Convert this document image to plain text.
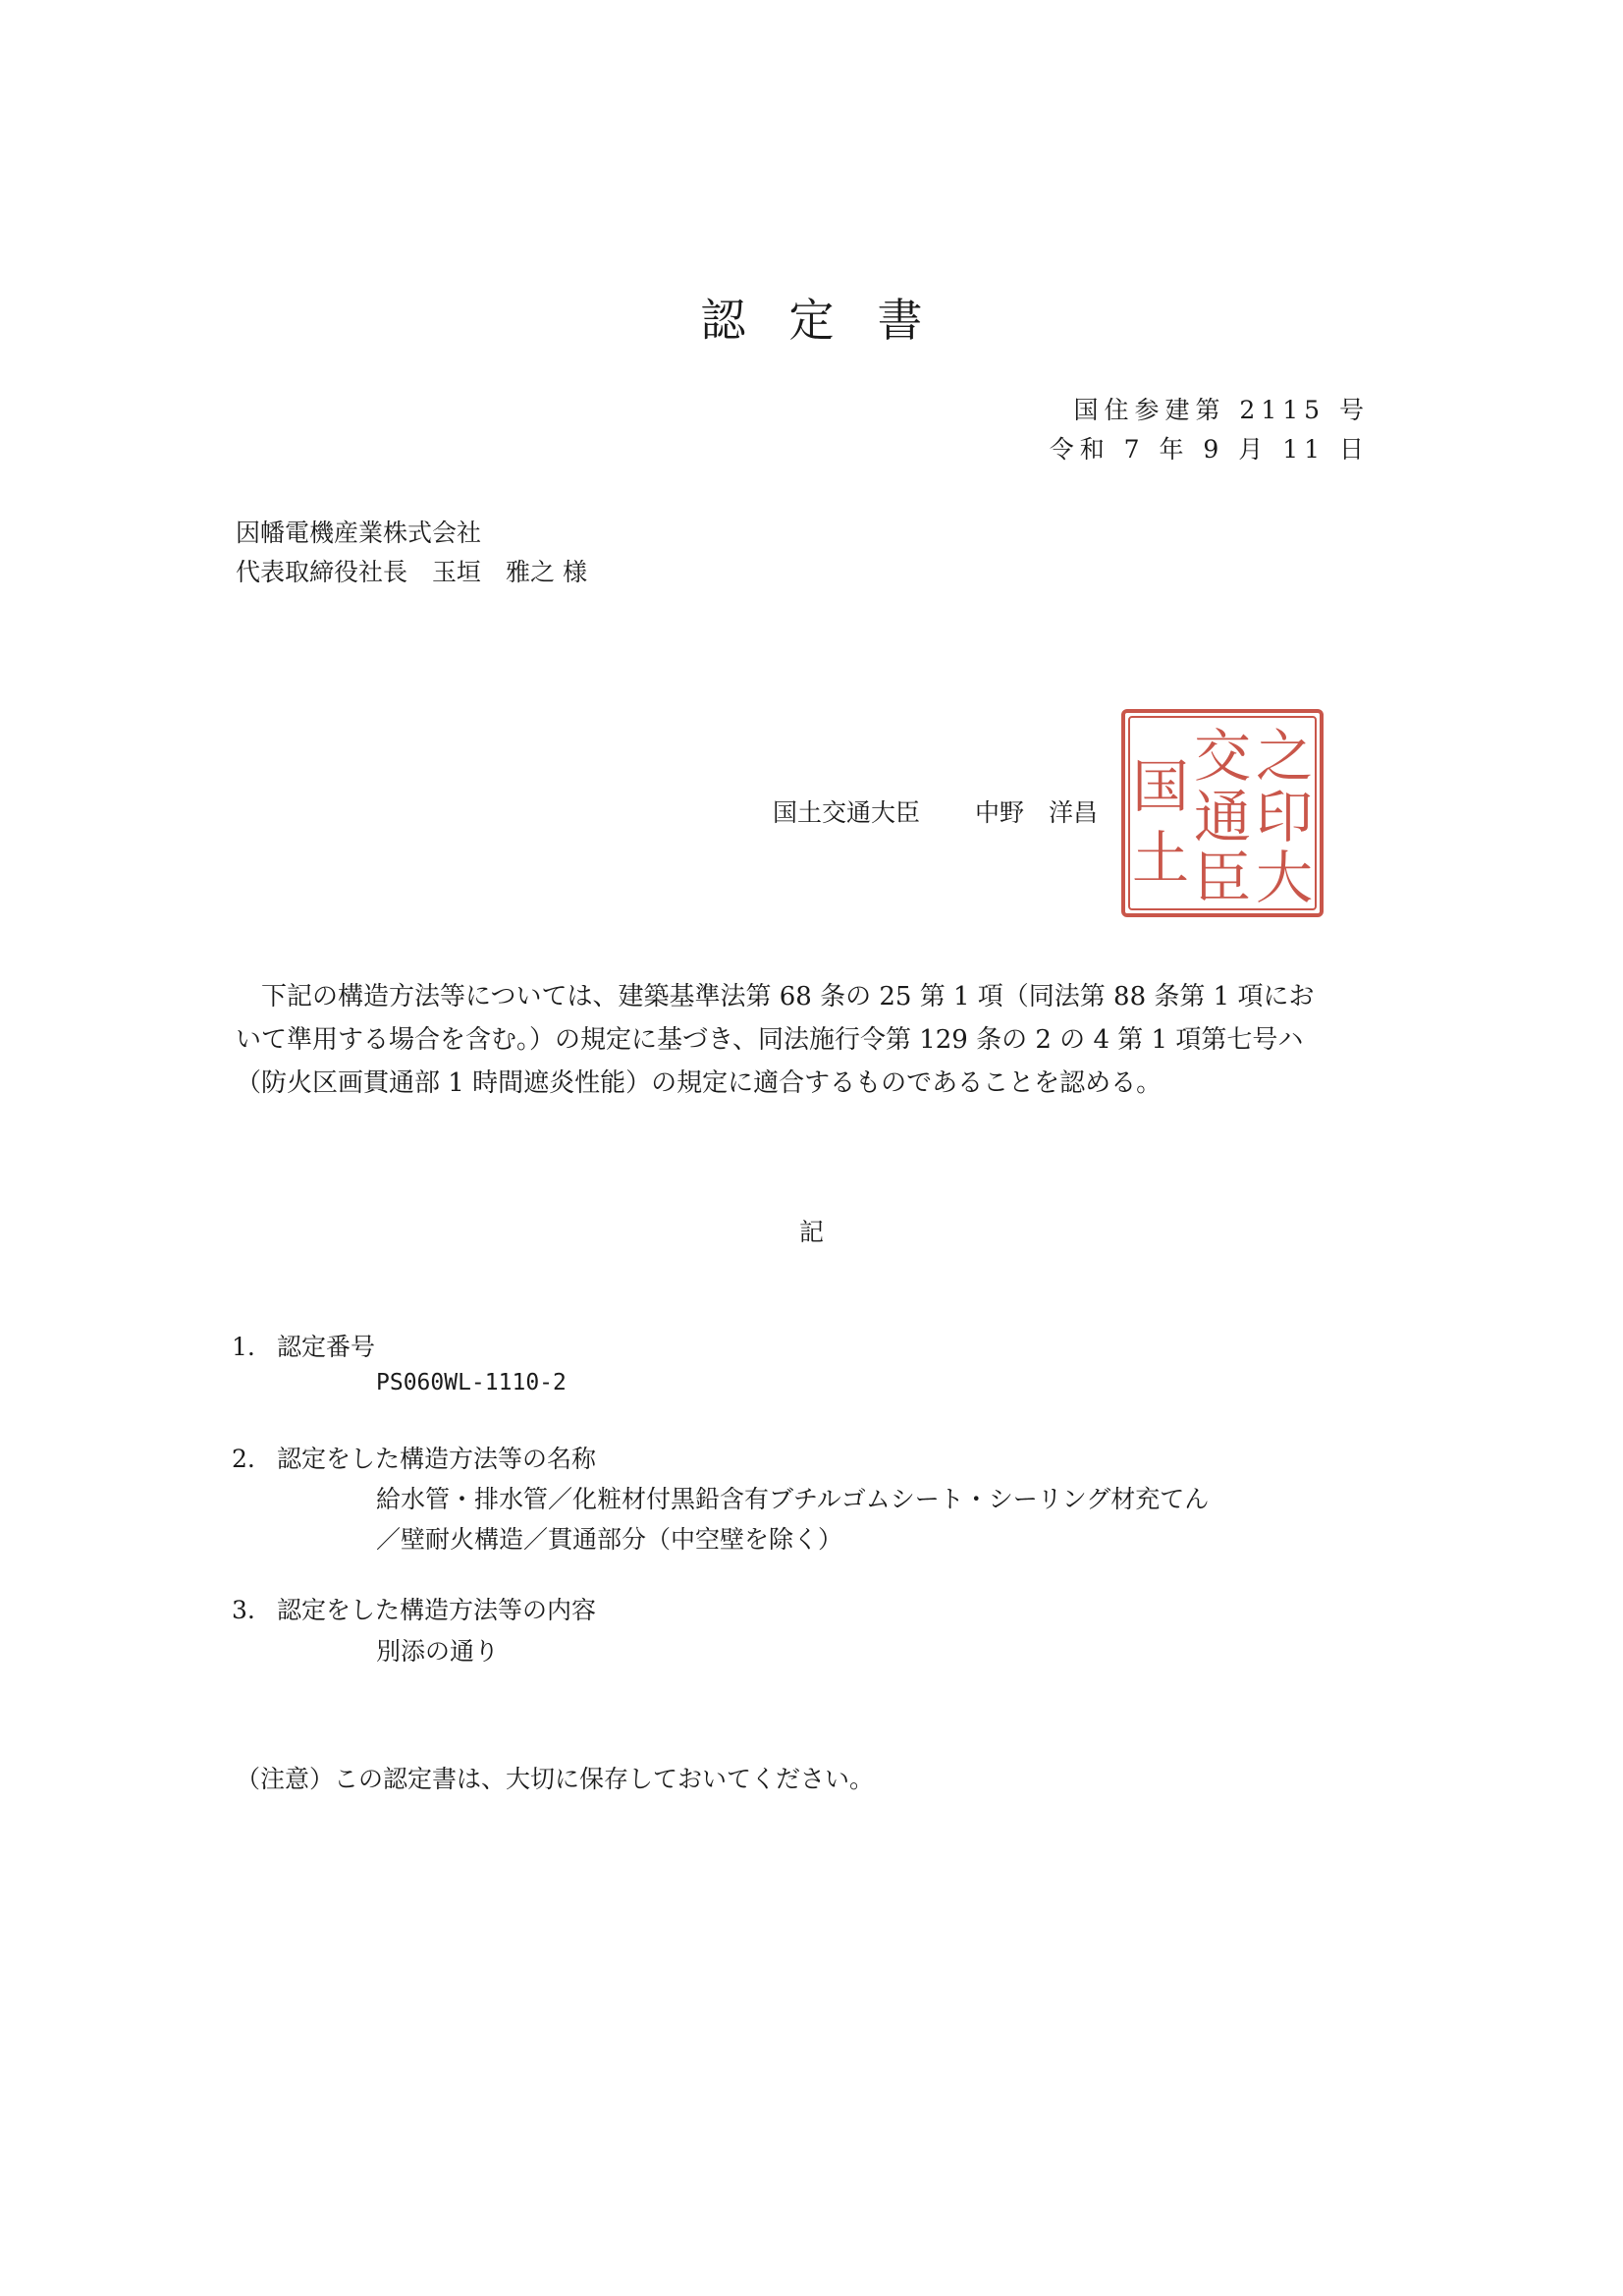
認定書
国住参建第 2115 号
令和 7 年 9 月 11 日
因幡電機産業株式会社
代表取締役社長　玉垣　雅之 様
国土交通大臣 中野　洋昌
之
印
大
交
通
臣
国
土

　下記の構造方法等については、建築基準法第 68 条の 25 第 1 項（同法第 88 条第 1 項にお

いて準用する場合を含む。）の規定に基づき、同法施行令第 129 条の 2 の 4 第 1 項第七号ハ

（防火区画貫通部 1 時間遮炎性能）の規定に適合するものであることを認める。

記
1. 認定番号
PS060WL-1110-2
2. 認定をした構造方法等の名称
給水管・排水管／化粧材付黒鉛含有ブチルゴムシート・シーリング材充てん
／壁耐火構造／貫通部分（中空壁を除く）
3. 認定をした構造方法等の内容
別添の通り
（注意）この認定書は、大切に保存しておいてください。
